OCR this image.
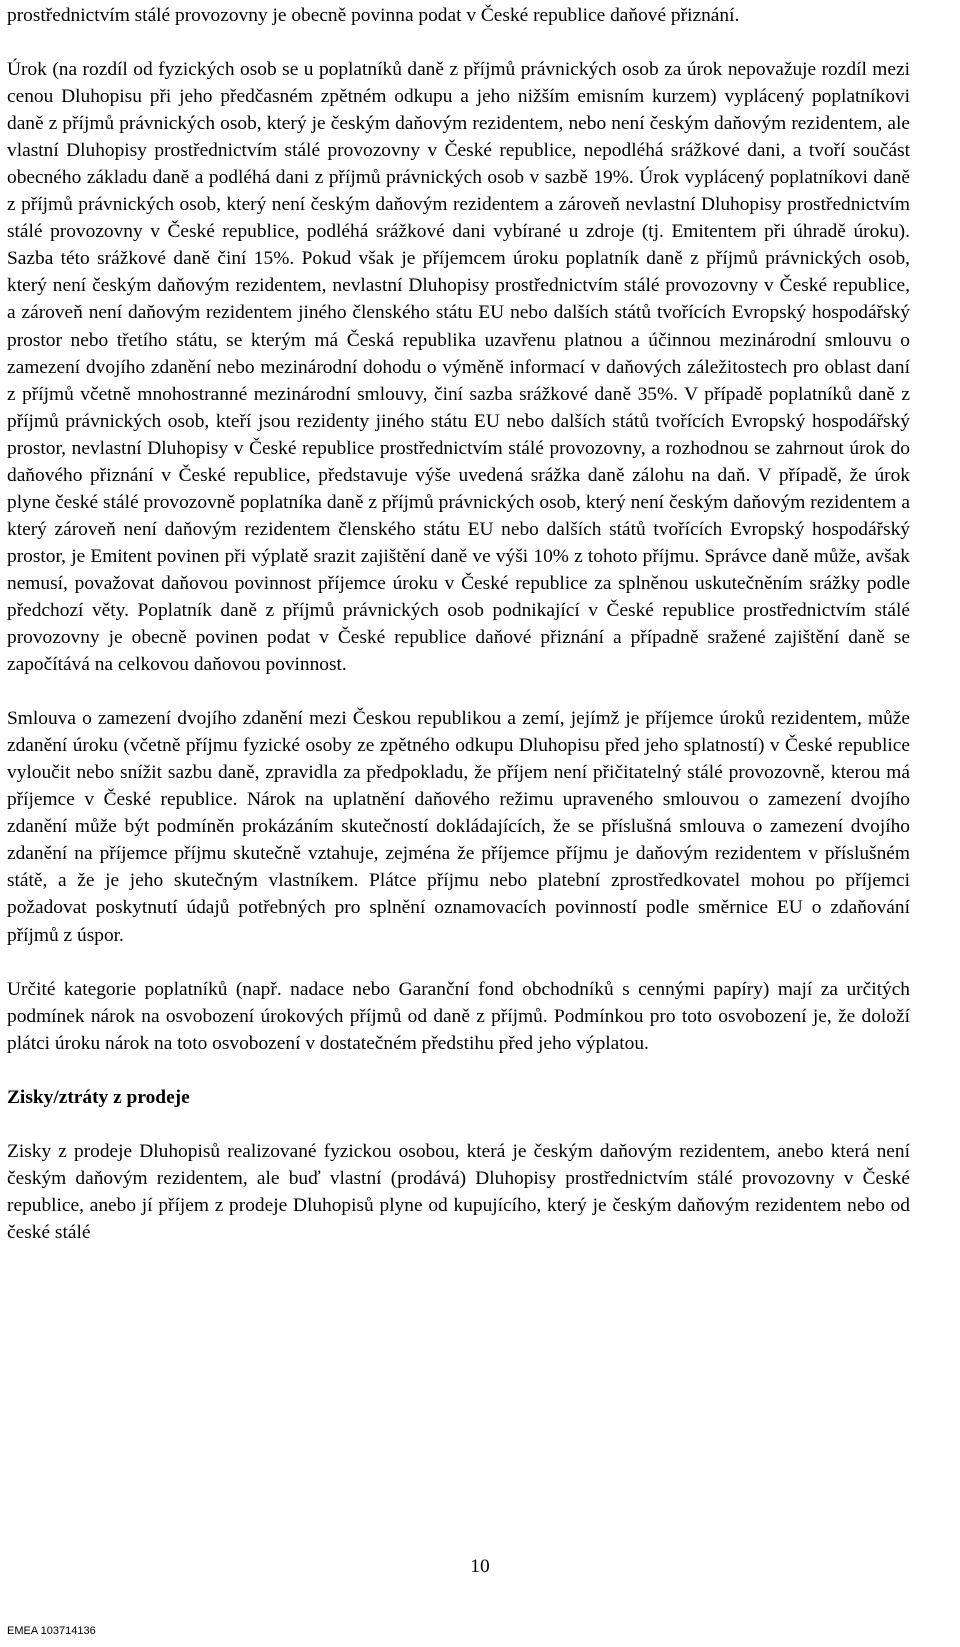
prostřednictvím stálé provozovny je obecně povinna podat v České republice daňové přiznání.

Úrok (na rozdíl od fyzických osob se u poplatníků daně z příjmů právnických osob za úrok nepovažuje rozdíl mezi cenou Dluhopisu při jeho předčasném zpětném odkupu a jeho nižším emisním kurzem) vyplácený poplatníkovi daně z příjmů právnických osob, který je českým daňovým rezidentem, nebo není českým daňovým rezidentem, ale vlastní Dluhopisy prostřednictvím stálé provozovny v České republice, nepodléhá srážkové dani, a tvoří součást obecného základu daně a podléhá dani z příjmů právnických osob v sazbě 19%. Úrok vyplácený poplatníkovi daně z příjmů právnických osob, který není českým daňovým rezidentem a zároveň nevlastní Dluhopisy prostřednictvím stálé provozovny v České republice, podléhá srážkové dani vybírané u zdroje (tj. Emitentem při úhradě úroku). Sazba této srážkové daně činí 15%. Pokud však je příjemcem úroku poplatník daně z příjmů právnických osob, který není českým daňovým rezidentem, nevlastní Dluhopisy prostřednictvím stálé provozovny v České republice, a zároveň není daňovým rezidentem jiného členského státu EU nebo dalších států tvořících Evropský hospodářský prostor nebo třetího státu, se kterým má Česká republika uzavřenu platnou a účinnou mezinárodní smlouvu o zamezení dvojího zdanění nebo mezinárodní dohodu o výměně informací v daňových záležitostech pro oblast daní z příjmů včetně mnohostranné mezinárodní smlouvy, činí sazba srážkové daně 35%. V případě poplatníků daně z příjmů právnických osob, kteří jsou rezidenty jiného státu EU nebo dalších států tvořících Evropský hospodářský prostor, nevlastní Dluhopisy v České republice prostřednictvím stálé provozovny, a rozhodnou se zahrnout úrok do daňového přiznání v České republice, představuje výše uvedená srážka daně zálohu na daň. V případě, že úrok plyne české stálé provozovně poplatníka daně z příjmů právnických osob, který není českým daňovým rezidentem a který zároveň není daňovým rezidentem členského státu EU nebo dalších států tvořících Evropský hospodářský prostor, je Emitent povinen při výplatě srazit zajištění daně ve výši 10% z tohoto příjmu. Správce daně může, avšak nemusí, považovat daňovou povinnost příjemce úroku v České republice za splněnou uskutečněním srážky podle předchozí věty. Poplatník daně z příjmů právnických osob podnikající v České republice prostřednictvím stálé provozovny je obecně povinen podat v České republice daňové přiznání a případně sražené zajištění daně se započítává na celkovou daňovou povinnost.

Smlouva o zamezení dvojího zdanění mezi Českou republikou a zemí, jejímž je příjemce úroků rezidentem, může zdanění úroku (včetně příjmu fyzické osoby ze zpětného odkupu Dluhopisu před jeho splatností) v České republice vyloučit nebo snížit sazbu daně, zpravidla za předpokladu, že příjem není přičitatelný stálé provozovně, kterou má příjemce v České republice. Nárok na uplatnění daňového režimu upraveného smlouvou o zamezení dvojího zdanění může být podmíněn prokázáním skutečností dokládajících, že se příslušná smlouva o zamezení dvojího zdanění na příjemce příjmu skutečně vztahuje, zejména že příjemce příjmu je daňovým rezidentem v příslušném státě, a že je jeho skutečným vlastníkem. Plátce příjmu nebo platební zprostředkovatel mohou po příjemci požadovat poskytnutí údajů potřebných pro splnění oznamovacích povinností podle směrnice EU o zdaňování příjmů z úspor.

Určité kategorie poplatníků (např. nadace nebo Garanční fond obchodníků s cennými papíry) mají za určitých podmínek nárok na osvobození úrokových příjmů od daně z příjmů. Podmínkou pro toto osvobození je, že doloží plátci úroku nárok na toto osvobození v dostatečném předstihu před jeho výplatou.

Zisky/ztráty z prodeje

Zisky z prodeje Dluhopisů realizované fyzickou osobou, která je českým daňovým rezidentem, anebo která není českým daňovým rezidentem, ale buď vlastní (prodává) Dluhopisy prostřednictvím stálé provozovny v České republice, anebo jí příjem z prodeje Dluhopisů plyne od kupujícího, který je českým daňovým rezidentem nebo od české stálé

10
EMEA 103714136
